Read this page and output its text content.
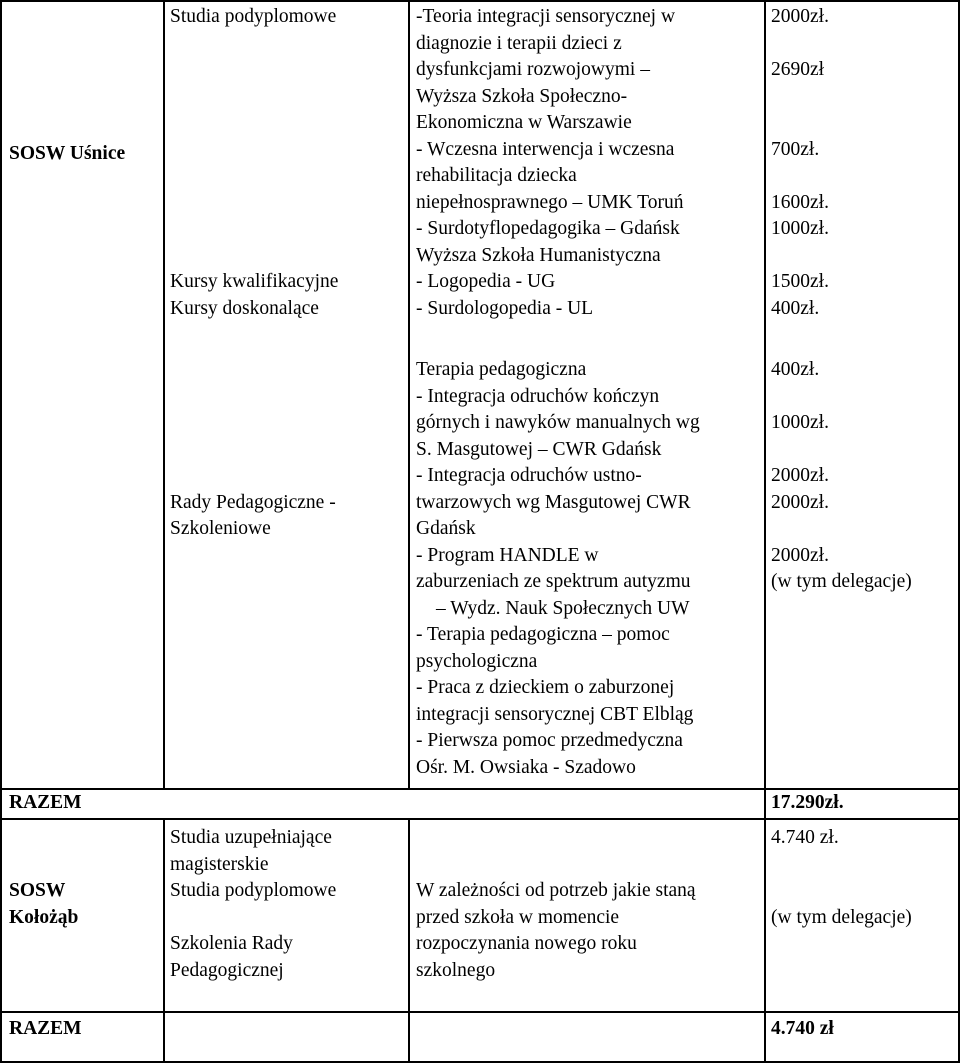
SOSW Uśnice
Studia podyplomowe

Kursy kwalifikacyjne
Kursy doskonalące
-Teoria integracji sensorycznej w
diagnozie i terapii dzieci z
dysfunkcjami rozwojowymi –
Wyższa Szkoła Społeczno-
Ekonomiczna w Warszawie
- Wczesna interwencja i wczesna
rehabilitacja dziecka
niepełnosprawnego – UMK Toruń
- Surdotyflopedagogika – Gdańsk
Wyższa Szkoła Humanistyczna
- Logopedia - UG
- Surdologopedia - UL
2000zł.

2690zł

700zł.

1600zł.
1000zł.

1500zł.
400zł.

Rady Pedagogiczne -
Szkoleniowe
Terapia pedagogiczna
- Integracja odruchów kończyn
górnych i nawyków manualnych wg
S. Masgutowej – CWR Gdańsk
- Integracja odruchów ustno-
twarzowych wg Masgutowej CWR
Gdańsk
- Program HANDLE w
zaburzeniach ze spektrum autyzmu
– Wydz. Nauk Społecznych UW
- Terapia pedagogiczna – pomoc
psychologiczna
- Praca z dzieckiem o zaburzonej
integracji sensorycznej CBT Elbląg
- Pierwsza pomoc przedmedyczna
Ośr. M. Owsiaka - Szadowo
400zł.

1000zł.

2000zł.
2000zł.

2000zł.
(w tym delegacje)
RAZEM	17.290zł.
SOSW
Kołożąb
Studia uzupełniające
magisterskie
Studia podyplomowe

Szkolenia Rady
Pedagogicznej

W zależności od potrzeb jakie staną
przed szkoła w momencie
rozpoczynania nowego roku
szkolnego
4.740 zł.

(w tym delegacje)
RAZEM	4.740 zł
